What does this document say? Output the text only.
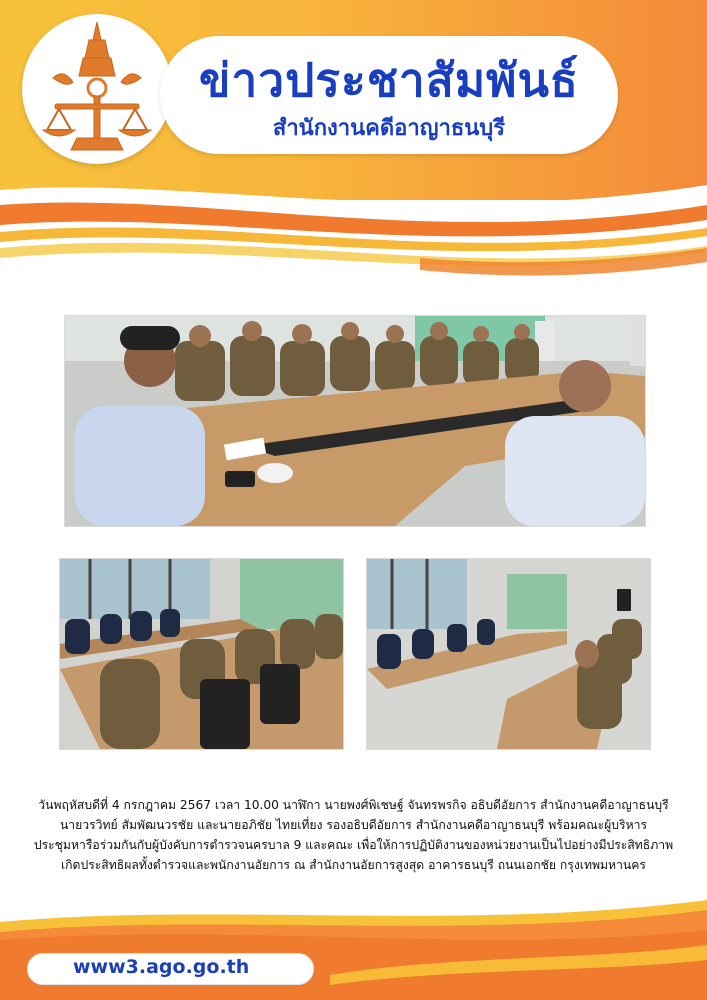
ข่าวประชาสัมพันธ์
สำนักงานคดีอาญาธนบุรี
วันพฤหัสบดีที่ 4 กรกฎาคม 2567 เวลา 10.00 นาฬิกา นายพงศ์พิเชษฐ์ จันทรพรกิจ อธิบดีอัยการ สำนักงานคดีอาญาธนบุรี
นายวรวิทย์ สัมพัฒนวรชัย และนายอภิชัย ไทยเที่ยง รองอธิบดีอัยการ สำนักงานคดีอาญาธนบุรี พร้อมคณะผู้บริหาร
ประชุมหารือร่วมกันกับผู้บังคับการตำรวจนครบาล 9 และคณะ เพื่อให้การปฏิบัติงานของหน่วยงานเป็นไปอย่างมีประสิทธิภาพ
เกิดประสิทธิผลทั้งตำรวจและพนักงานอัยการ ณ สำนักงานอัยการสูงสุด อาคารธนบุรี ถนนเอกชัย กรุงเทพมหานคร
www3.ago.go.th
